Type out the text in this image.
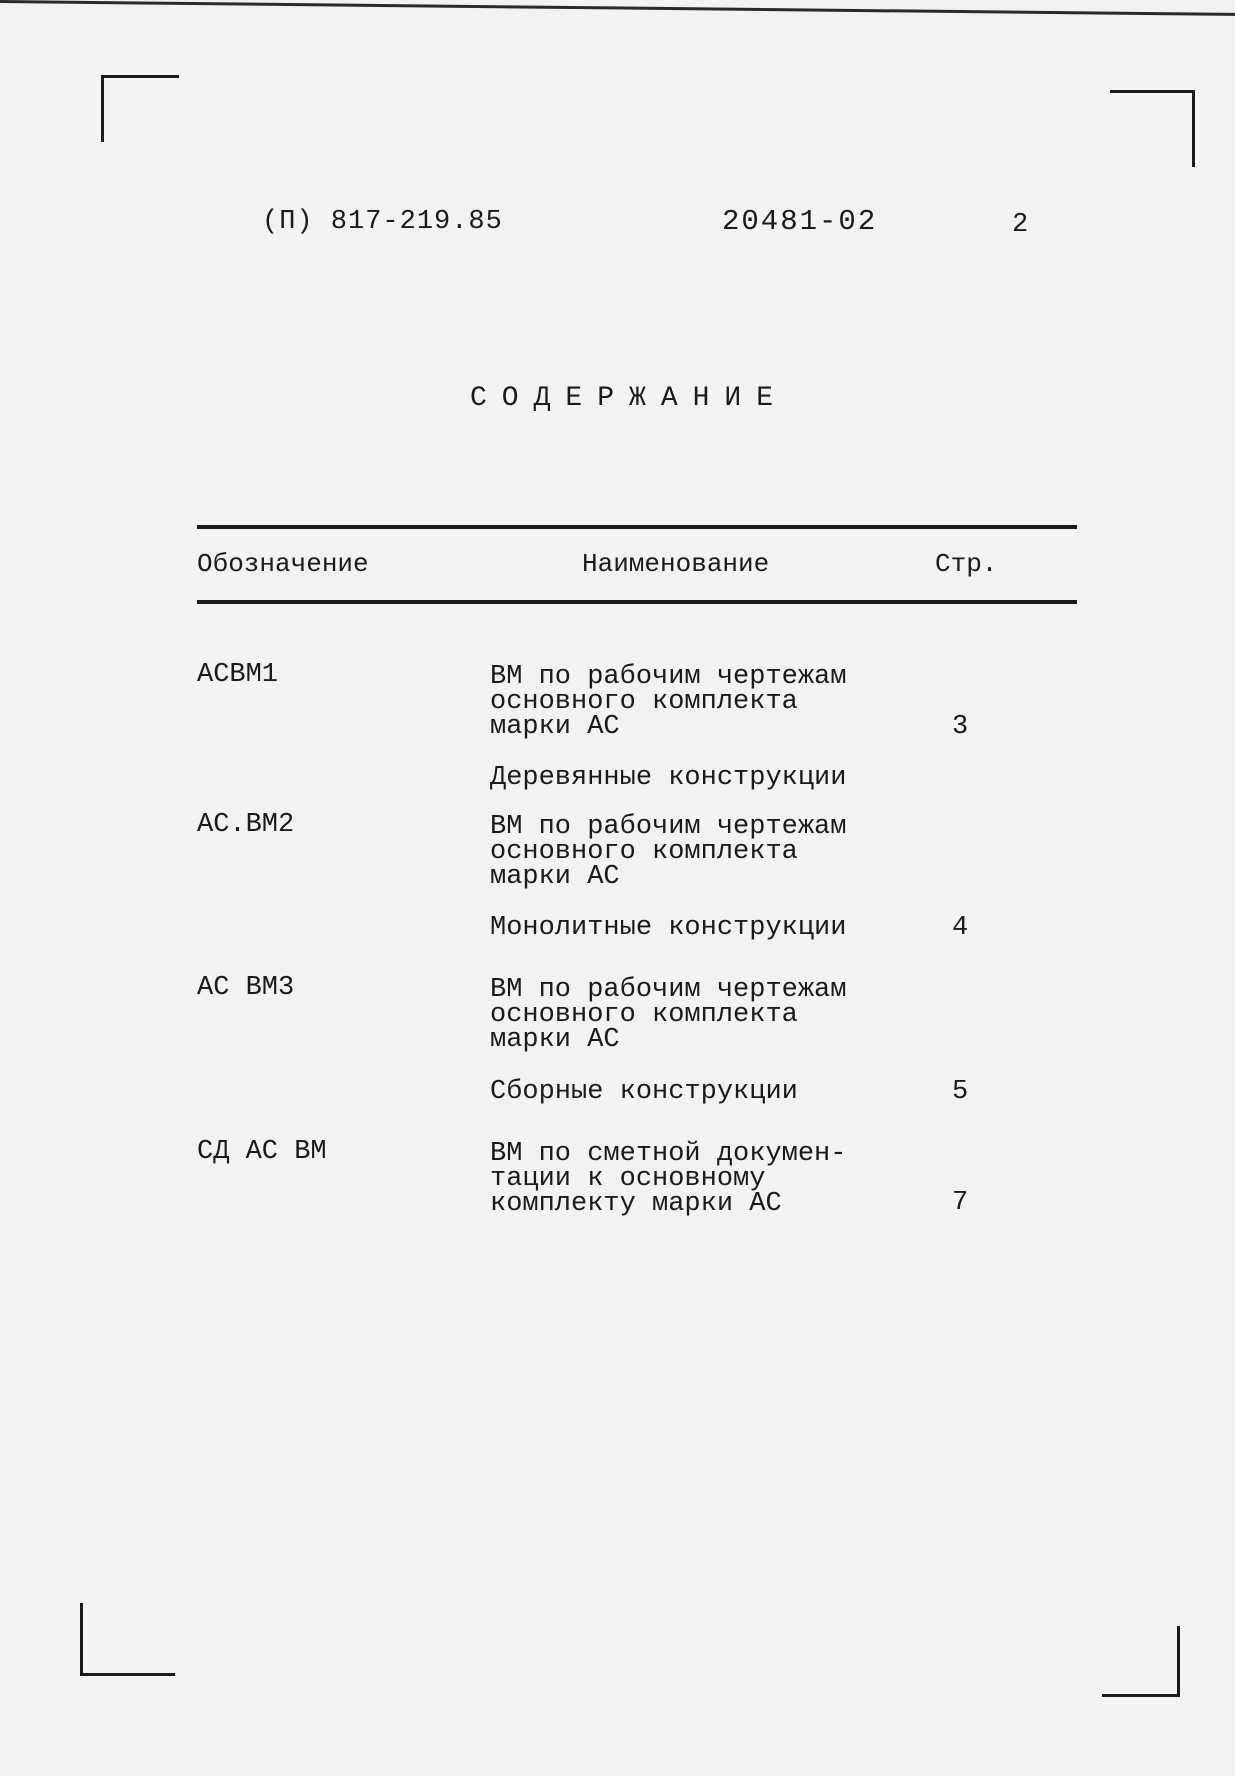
(П) 817-219.85	20481-02	2
СОДЕРЖАНИЕ
Обозначение	Наименование	Стр.
АСВМ1	ВМ по рабочим чертежам
основного комплекта
марки АС	3
Деревянные конструкции
АС.ВМ2	ВМ по рабочим чертежам
основного комплекта
марки АС
Монолитные конструкции	4
АС ВМ3	ВМ по рабочим чертежам
основного комплекта
марки АС
Сборные конструкции	5
СД АС ВМ	ВМ по сметной докумен-
тации к основному
комплекту марки АС	7
